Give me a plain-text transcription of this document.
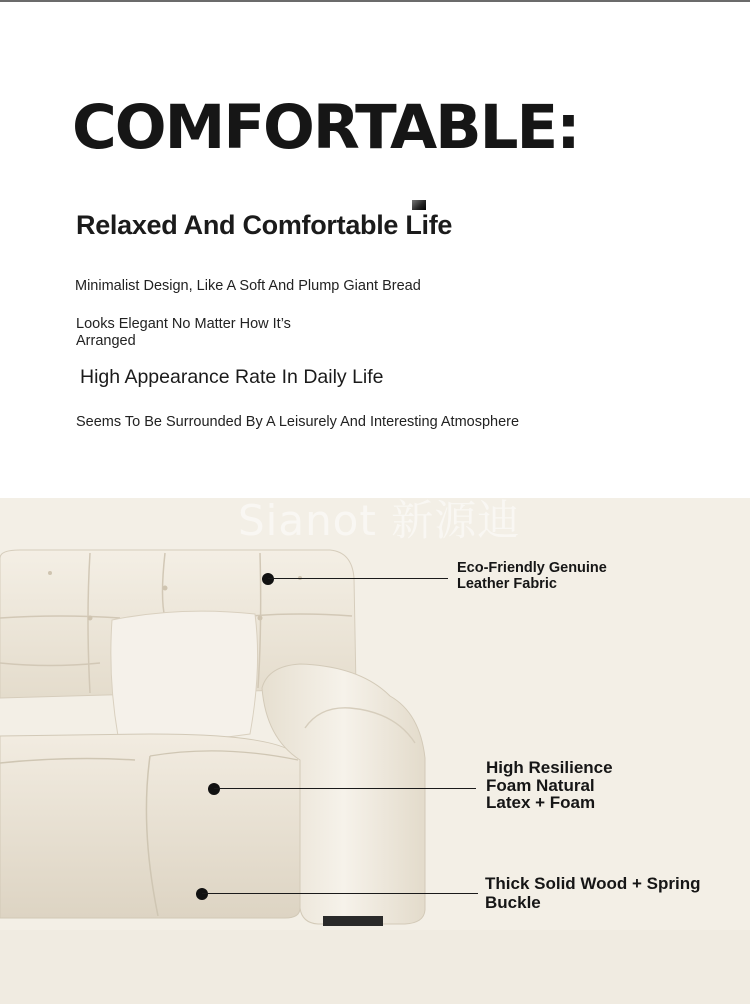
COMFORTABLE:
Relaxed And Comfortable Life
Minimalist Design, Like A Soft And Plump Giant Bread
Looks Elegant No Matter How It’s
Arranged
High Appearance Rate In Daily Life
Seems To Be Surrounded By A Leisurely And Interesting Atmosphere
Sianot 新源迪
Eco-Friendly Genuine
Leather Fabric
High Resilience
Foam Natural
Latex + Foam
Thick Solid Wood + Spring
Buckle
